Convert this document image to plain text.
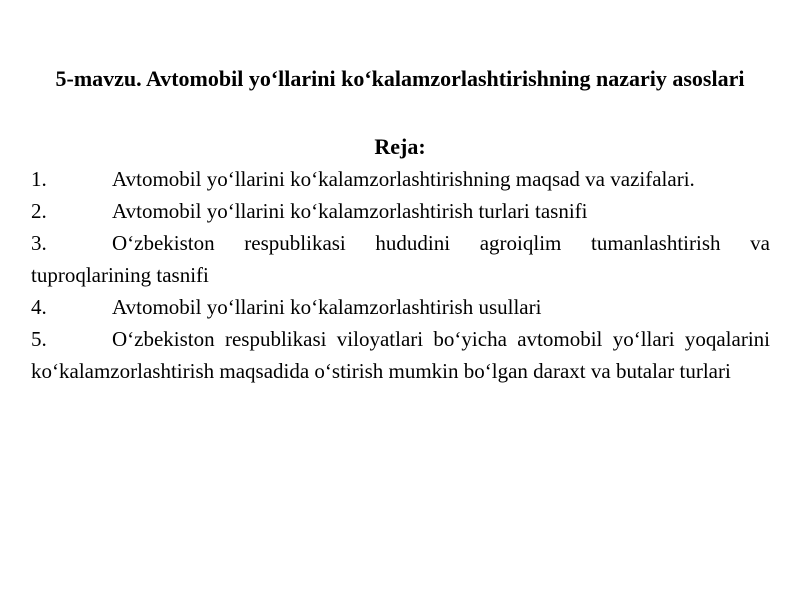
5-mavzu. Avtomobil yo‘llarini ko‘kalamzorlashtirishning nazariy asoslari
Reja:
1.	Avtomobil yo‘llarini ko‘kalamzorlashtirishning maqsad va vazifalari.
2.	Avtomobil yo‘llarini ko‘kalamzorlashtirish turlari tasnifi
3.	O‘zbekiston respublikasi hududini agroiqlim tumanlashtirish va tuproqlarining tasnifi
4.	Avtomobil yo‘llarini ko‘kalamzorlashtirish usullari
5.	O‘zbekiston respublikasi viloyatlari bo‘yicha avtomobil yo‘llari yoqalarini ko‘kalamzorlashtirish maqsadida o‘stirish mumkin bo‘lgan daraxt va butalar turlari
